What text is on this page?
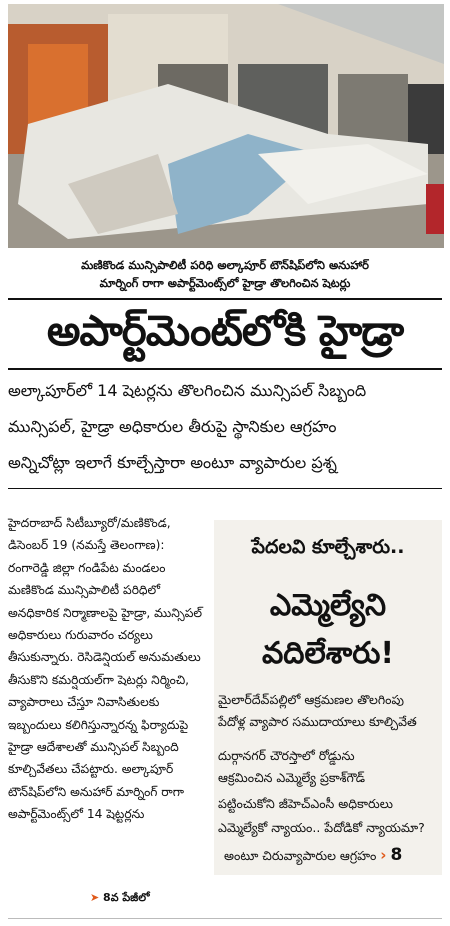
మణికొండ మున్సిపాలిటీ పరిధి అల్కాపూర్ టౌన్‌షిప్‌లోని అనుహార్
మార్నింగ్ రాగా అపార్ట్‌మెంట్స్‌లో హైడ్రా తొలగించిన షెటర్లు
అపార్ట్‌మెంట్‌లోకి హైడ్రా
అల్కాపూర్‌లో 14 షెటర్లను తొలగించిన మున్సిపల్ సిబ్బంది
మున్సిపల్, హైడ్రా అధికారుల తీరుపై స్థానికుల ఆగ్రహం
అన్నిచోట్లా ఇలాగే కూల్చేస్తారా అంటూ వ్యాపారుల ప్రశ్న

హైదరాబాద్ సిటీబ్యూరో/మణికొండ, డిసెంబర్ 19 (నమస్తే తెలంగాణ): రంగారెడ్డి జిల్లా గండిపేట మండలం మణికొండ మున్సిపాలిటీ పరిధిలో అనధికారిక నిర్మాణాలపై హైడ్రా, మున్సిపల్ అధికారులు గురువారం చర్యలు తీసుకున్నారు. రెసిడెన్షియల్ అనుమతులు తీసుకొని కమర్షియల్‌గా షెటర్లు నిర్మించి, వ్యాపారాలు చేస్తూ నివాసితులకు ఇబ్బందులు కలిగిస్తున్నారన్న ఫిర్యాదుపై హైడ్రా ఆదేశాలతో మున్సిపల్ సిబ్బంది కూల్చివేతలు చేపట్టారు. అల్కాపూర్ టౌన్‌షిప్‌లోని అనుహార్ మార్నింగ్ రాగా అపార్ట్‌మెంట్స్‌లో 14 షెట్టర్లను

➤ 8వ పేజీలో
పేదలవి కూల్చేశారు..
ఎమ్మెల్యేని
వదిలేశారు!
మైలార్‌దేవ్‌పల్లిలో ఆక్రమణల తొలగింపు
పేదోళ్ల వ్యాపార సముదాయాలు కూల్చివేత
దుర్గానగర్ చౌరస్తాలో రోడ్డును
ఆక్రమించిన ఎమ్మెల్యే ప్రకాశ్‌గౌడ్
పట్టించుకోని జీహెచ్‌ఎంసీ అధికారులు
ఎమ్మెల్యేకో న్యాయం.. పేదోడికో న్యాయమా?
అంటూ చిరువ్యాపారుల ఆగ్రహం › 8
